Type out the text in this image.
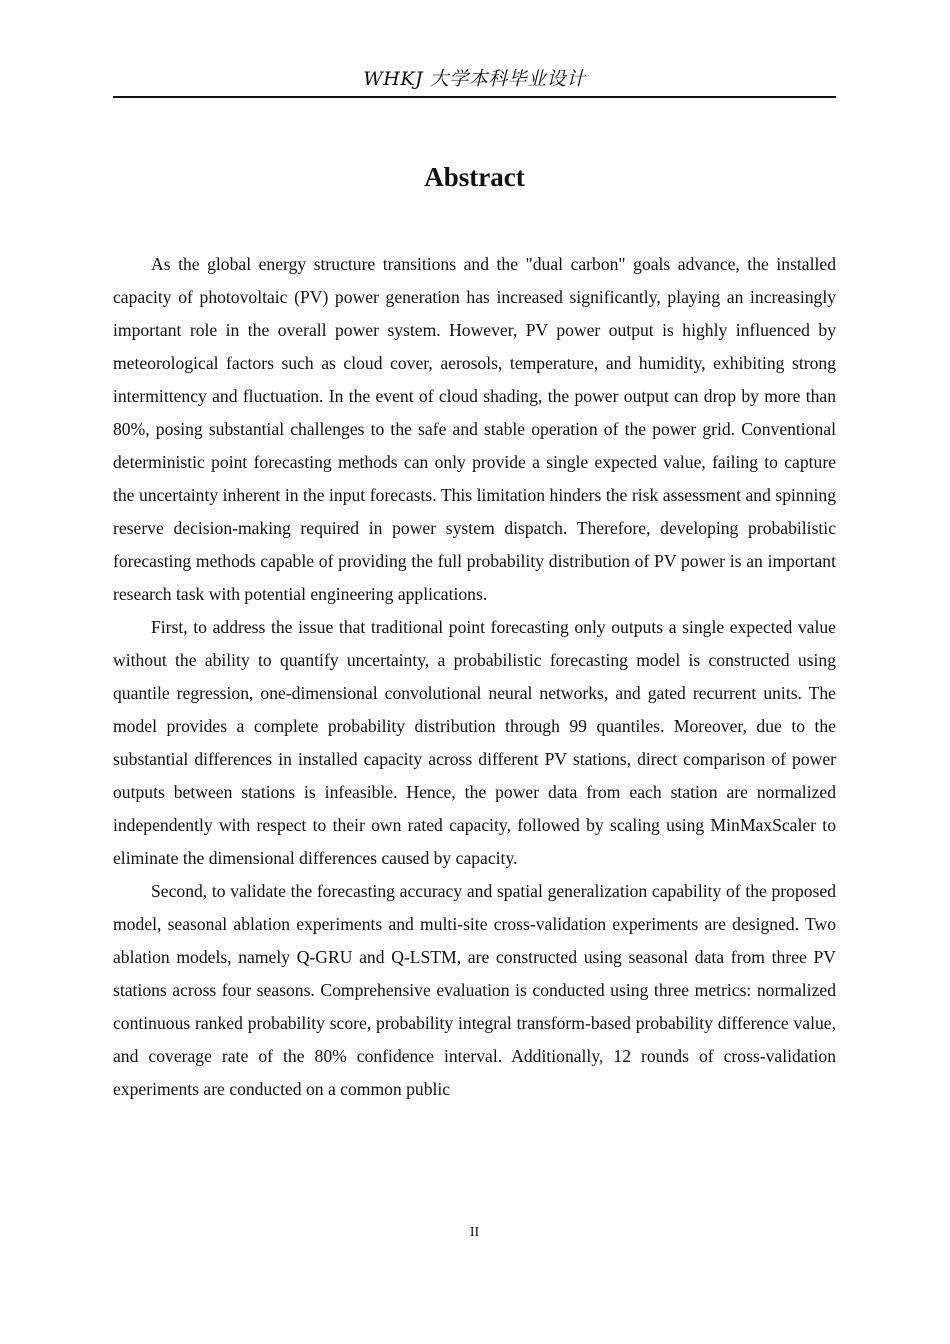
WHKJ 大学本科毕业设计
Abstract

As the global energy structure transitions and the "dual carbon" goals advance, the installed capacity of photovoltaic (PV) power generation has increased significantly, playing an increasingly important role in the overall power system. However, PV power output is highly influenced by meteorological factors such as cloud cover, aerosols, temperature, and humidity, exhibiting strong intermittency and fluctuation. In the event of cloud shading, the power output can drop by more than 80%, posing substantial challenges to the safe and stable operation of the power grid. Conventional deterministic point forecasting methods can only provide a single expected value, failing to capture the uncertainty inherent in the input forecasts. This limitation hinders the risk assessment and spinning reserve decision-making required in power system dispatch. Therefore, developing probabilistic forecasting methods capable of providing the full probability distribution of PV power is an important research task with potential engineering applications.

First, to address the issue that traditional point forecasting only outputs a single expected value without the ability to quantify uncertainty, a probabilistic forecasting model is constructed using quantile regression, one-dimensional convolutional neural networks, and gated recurrent units. The model provides a complete probability distribution through 99 quantiles. Moreover, due to the substantial differences in installed capacity across different PV stations, direct comparison of power outputs between stations is infeasible. Hence, the power data from each station are normalized independently with respect to their own rated capacity, followed by scaling using MinMaxScaler to eliminate the dimensional differences caused by capacity.

Second, to validate the forecasting accuracy and spatial generalization capability of the proposed model, seasonal ablation experiments and multi-site cross-validation experiments are designed. Two ablation models, namely Q-GRU and Q-LSTM, are constructed using seasonal data from three PV stations across four seasons. Comprehensive evaluation is conducted using three metrics: normalized continuous ranked probability score, probability integral transform-based probability difference value, and coverage rate of the 80% confidence interval. Additionally, 12 rounds of cross-validation experiments are conducted on a common public

II
